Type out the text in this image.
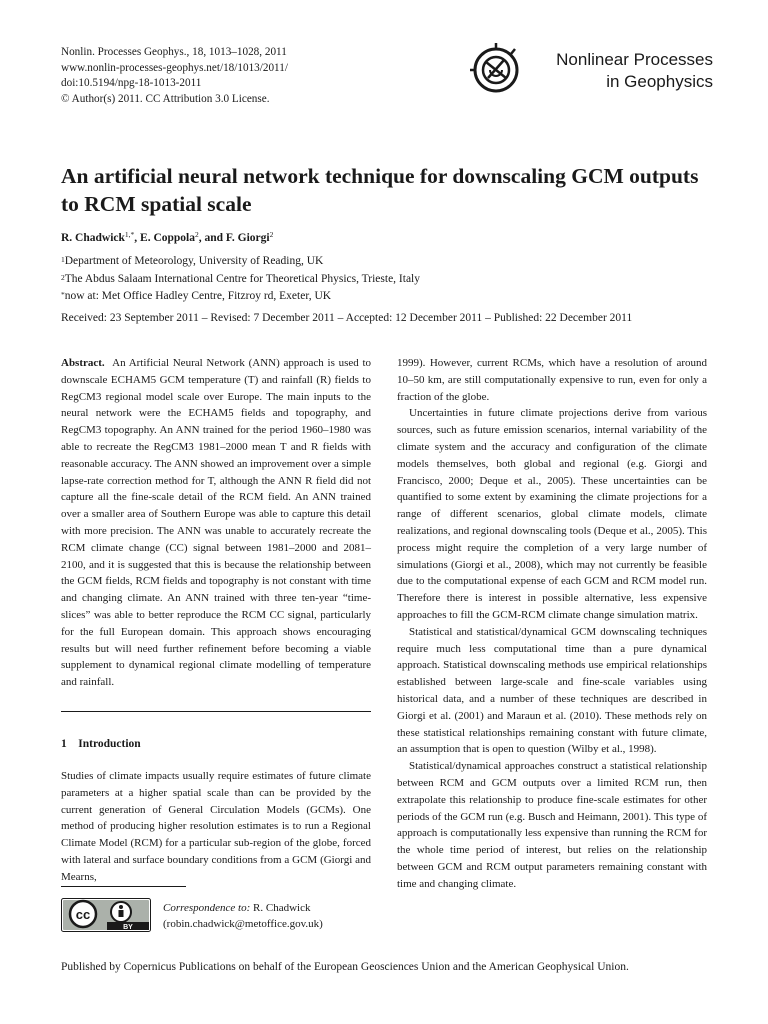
Nonlin. Processes Geophys., 18, 1013–1028, 2011
www.nonlin-processes-geophys.net/18/1013/2011/
doi:10.5194/npg-18-1013-2011
© Author(s) 2011. CC Attribution 3.0 License.
Nonlinear Processes
in Geophysics
An artificial neural network technique for downscaling GCM outputs to RCM spatial scale
R. Chadwick$^{1,*}$, E. Coppola$^2$, and F. Giorgi$^2$
$^1$Department of Meteorology, University of Reading, UK
$^2$The Abdus Salaam International Centre for Theoretical Physics, Trieste, Italy
*now at: Met Office Hadley Centre, Fitzroy rd, Exeter, UK
Received: 23 September 2011 – Revised: 7 December 2011 – Accepted: 12 December 2011 – Published: 22 December 2011

Abstract. An Artificial Neural Network (ANN) approach is used to downscale ECHAM5 GCM temperature (T) and rainfall (R) fields to RegCM3 regional model scale over Europe. The main inputs to the neural network were the ECHAM5 fields and topography, and RegCM3 topography. An ANN trained for the period 1960–1980 was able to recreate the RegCM3 1981–2000 mean T and R fields with reasonable accuracy. The ANN showed an improvement over a simple lapse-rate correction method for T, although the ANN R field did not capture all the fine-scale detail of the RCM field. An ANN trained over a smaller area of Southern Europe was able to capture this detail with more precision. The ANN was unable to accurately recreate the RCM climate change (CC) signal between 1981–2000 and 2081–2100, and it is suggested that this is because the relationship between the GCM fields, RCM fields and topography is not constant with time and changing climate. An ANN trained with three ten-year “time-slices” was able to better reproduce the RCM CC signal, particularly for the full European domain. This approach shows encouraging results but will need further refinement before becoming a viable supplement to dynamical regional climate modelling of temperature and rainfall.

1 Introduction

Studies of climate impacts usually require estimates of future climate parameters at a higher spatial scale than can be provided by the current generation of General Circulation Models (GCMs). One method of producing higher resolution estimates is to run a Regional Climate Model (RCM) for a particular sub-region of the globe, forced with lateral and surface boundary conditions from a GCM (Giorgi and Mearns,

cc
BY
Correspondence to: R. Chadwick
(robin.chadwick@metoffice.gov.uk)

1999). However, current RCMs, which have a resolution of around 10–50 km, are still computationally expensive to run, even for only a fraction of the globe.

Uncertainties in future climate projections derive from various sources, such as future emission scenarios, internal variability of the climate system and the accuracy and configuration of the climate models themselves, both global and regional (e.g. Giorgi and Francisco, 2000; Deque et al., 2005). These uncertainties can be quantified to some extent by examining the climate projections for a range of different scenarios, global climate models, climate realizations, and regional downscaling tools (Deque et al., 2005). This process might require the completion of a very large number of simulations (Giorgi et al., 2008), which may not currently be feasible due to the computational expense of each GCM and RCM model run. Therefore there is interest in possible alternative, less expensive approaches to fill the GCM-RCM climate change simulation matrix.

Statistical and statistical/dynamical GCM downscaling techniques require much less computational time than a pure dynamical approach. Statistical downscaling methods use empirical relationships established between large-scale and fine-scale variables using historical data, and a number of these techniques are described in Giorgi et al. (2001) and Maraun et al. (2010). These methods rely on these statistical relationships remaining constant with future climate, an assumption that is open to question (Wilby et al., 1998).

Statistical/dynamical approaches construct a statistical relationship between RCM and GCM outputs over a limited RCM run, then extrapolate this relationship to produce fine-scale estimates for other periods of the GCM run (e.g. Busch and Heimann, 2001). This type of approach is computationally less expensive than running the RCM for the whole time period of interest, but relies on the relationship between GCM and RCM output parameters remaining constant with time and changing climate.

Published by Copernicus Publications on behalf of the European Geosciences Union and the American Geophysical Union.
